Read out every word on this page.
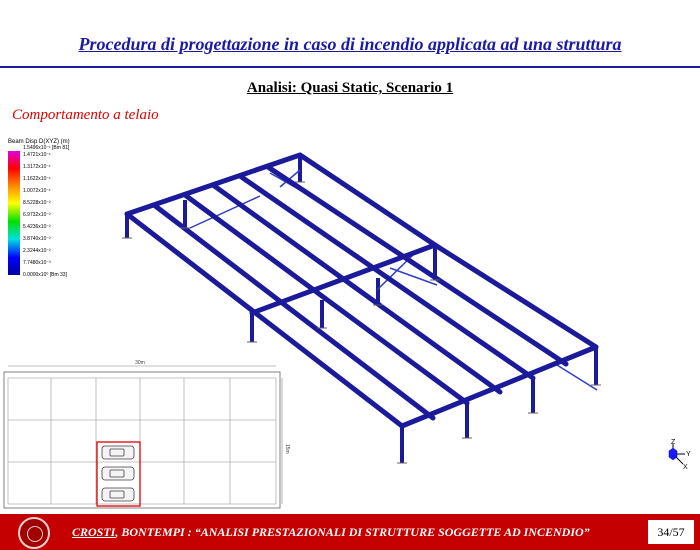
Procedura di progettazione in caso di incendio applicata ad una struttura
Analisi: Quasi Static, Scenario 1
Comportamento a telaio
Beam Disp D(XYZ) (m)
1.5496x10⁻¹ [Bm 81]
1.4721x10⁻¹
1.3172x10⁻¹
1.1622x10⁻¹
1.0072x10⁻¹
8.5228x10⁻²
6.9732x10⁻²
5.4236x10⁻²
3.8740x10⁻²
2.3244x10⁻²
7.7480x10⁻³
0.0000x10⁰ [Bm 33]
30m
15m
Z
Y
X
CROSTI, BONTEMPI : “ANALISI PRESTAZIONALI DI STRUTTURE SOGGETTE AD INCENDIO”	34/57
